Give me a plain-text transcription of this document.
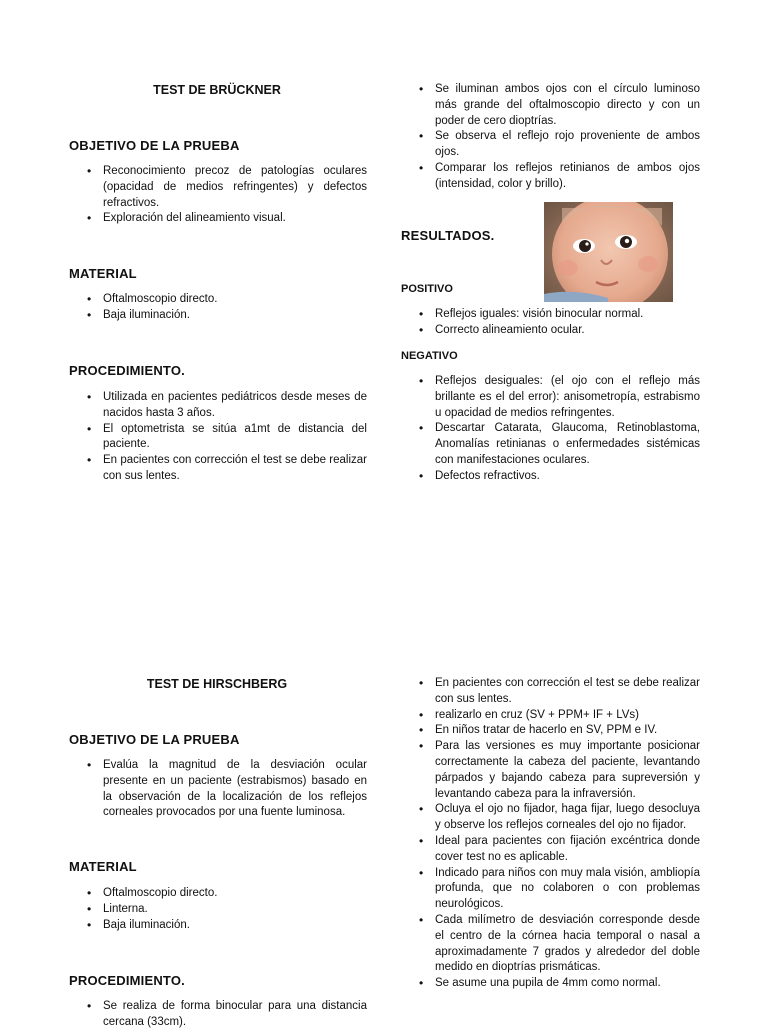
TEST DE BRÜCKNER
OBJETIVO DE LA PRUEBA
• Reconocimiento precoz de patologías oculares (opacidad de medios refringentes) y defectos refractivos.
• Exploración del alineamiento visual.
MATERIAL
• Oftalmoscopio directo.
• Baja iluminación.
PROCEDIMIENTO.
• Utilizada en pacientes pediátricos desde meses de nacidos hasta 3 años.
• El optometrista se sitúa a1mt de distancia del paciente.
• En pacientes con corrección el test se debe realizar con sus lentes.
• Se iluminan ambos ojos con el círculo luminoso más grande del oftalmoscopio directo y con un poder de cero dioptrías.
• Se observa el reflejo rojo proveniente de ambos ojos.
• Comparar los reflejos retinianos de ambos ojos (intensidad, color y brillo).
RESULTADOS.
POSITIVO
• Reflejos iguales: visión binocular normal.
• Correcto alineamiento ocular.
NEGATIVO
• Reflejos desiguales: (el ojo con el reflejo más brillante es el del error): anisometropía, estrabismo u opacidad de medios refringentes.
• Descartar Catarata, Glaucoma, Retinoblastoma, Anomalías retinianas o enfermedades sistémicas con manifestaciones oculares.
• Defectos refractivos.
TEST DE HIRSCHBERG
OBJETIVO DE LA PRUEBA
• Evalúa la magnitud de la desviación ocular presente en un paciente (estrabismos) basado en la observación de la localización de los reflejos corneales provocados por una fuente luminosa.
MATERIAL
• Oftalmoscopio directo.
• Linterna.
• Baja iluminación.
PROCEDIMIENTO.
• Se realiza de forma binocular para una distancia cercana (33cm).
• En pacientes con corrección el test se debe realizar con sus lentes.
• realizarlo en cruz (SV + PPM+ IF + LVs)
• En niños tratar de hacerlo en SV, PPM e IV.
• Para las versiones es muy importante posicionar correctamente la cabeza del paciente, levantando párpados y bajando cabeza para supreversión y levantando cabeza para la infraversión.
• Ocluya el ojo no fijador, haga fijar, luego desocluya y observe los reflejos corneales del ojo no fijador.
• Ideal para pacientes con fijación excéntrica donde cover test no es aplicable.
• Indicado para niños con muy mala visión, ambliopía profunda, que no colaboren o con problemas neurológicos.
• Cada milímetro de desviación corresponde desde el centro de la córnea hacia temporal o nasal a aproximadamente 7 grados y alrededor del doble medido en dioptrías prismáticas.
• Se asume una pupila de 4mm como normal.
